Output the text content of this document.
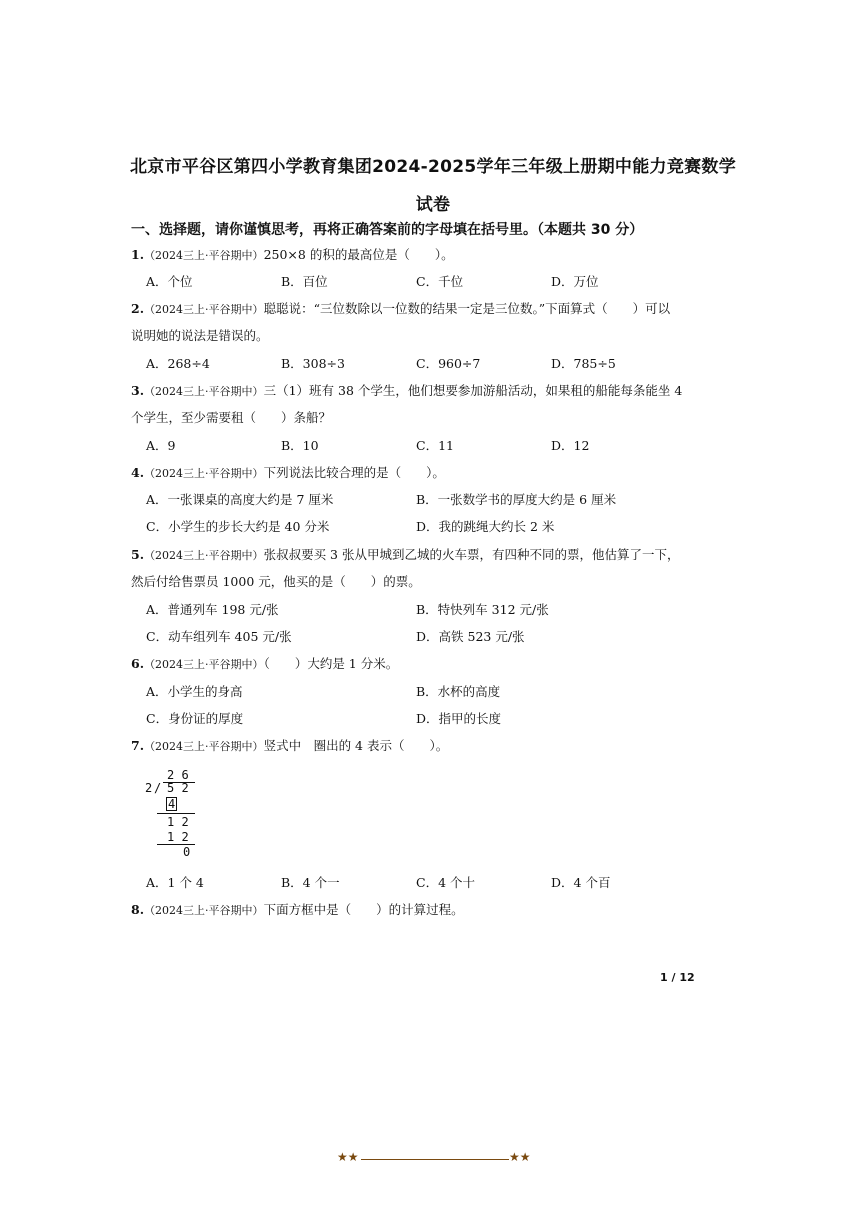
北京市平谷区第四小学教育集团2024-2025学年三年级上册期中能力竞赛数学
试卷
一、选择题，请你谨慎思考，再将正确答案前的字母填在括号里。（本题共 30 分）
1.（2024三上·平谷期中）250×8 的积的最高位是（　　）。
A．个位	B．百位	C．千位	D．万位
2.（2024三上·平谷期中）聪聪说：“三位数除以一位数的结果一定是三位数。”下面算式（　　）可以
说明她的说法是错误的。
A．268÷4	B．308÷3	C．960÷7	D．785÷5
3.（2024三上·平谷期中）三（1）班有 38 个学生，他们想要参加游船活动，如果租的船能每条能坐 4
个学生，至少需要租（　　）条船？
A．9	B．10	C．11	D．12
4.（2024三上·平谷期中）下列说法比较合理的是（　　）。
A．一张课桌的高度大约是 7 厘米	B．一张数学书的厚度大约是 6 厘米
C．小学生的步长大约是 40 分米	D．我的跳绳大约长 2 米
5.（2024三上·平谷期中）张叔叔要买 3 张从甲城到乙城的火车票，有四种不同的票，他估算了一下，
然后付给售票员 1000 元，他买的是（　　）的票。
A．普通列车 198 元/张	B．特快列车 312 元/张
C．动车组列车 405 元/张	D．高铁 523 元/张
6.（2024三上·平谷期中）（　　）大约是 1 分米。
A．小学生的身高	B．水杯的高度
C．身份证的厚度	D．指甲的长度
7.（2024三上·平谷期中）竖式中　圈出的 4 表示（　　）。
2 6
2 / 5 2
4
1 2
1 2
0
A．1 个 4	B．4 个一	C．4 个十	D．4 个百
8.（2024三上·平谷期中）下面方框中是（　　）的计算过程。
1 / 12
★★	★★
